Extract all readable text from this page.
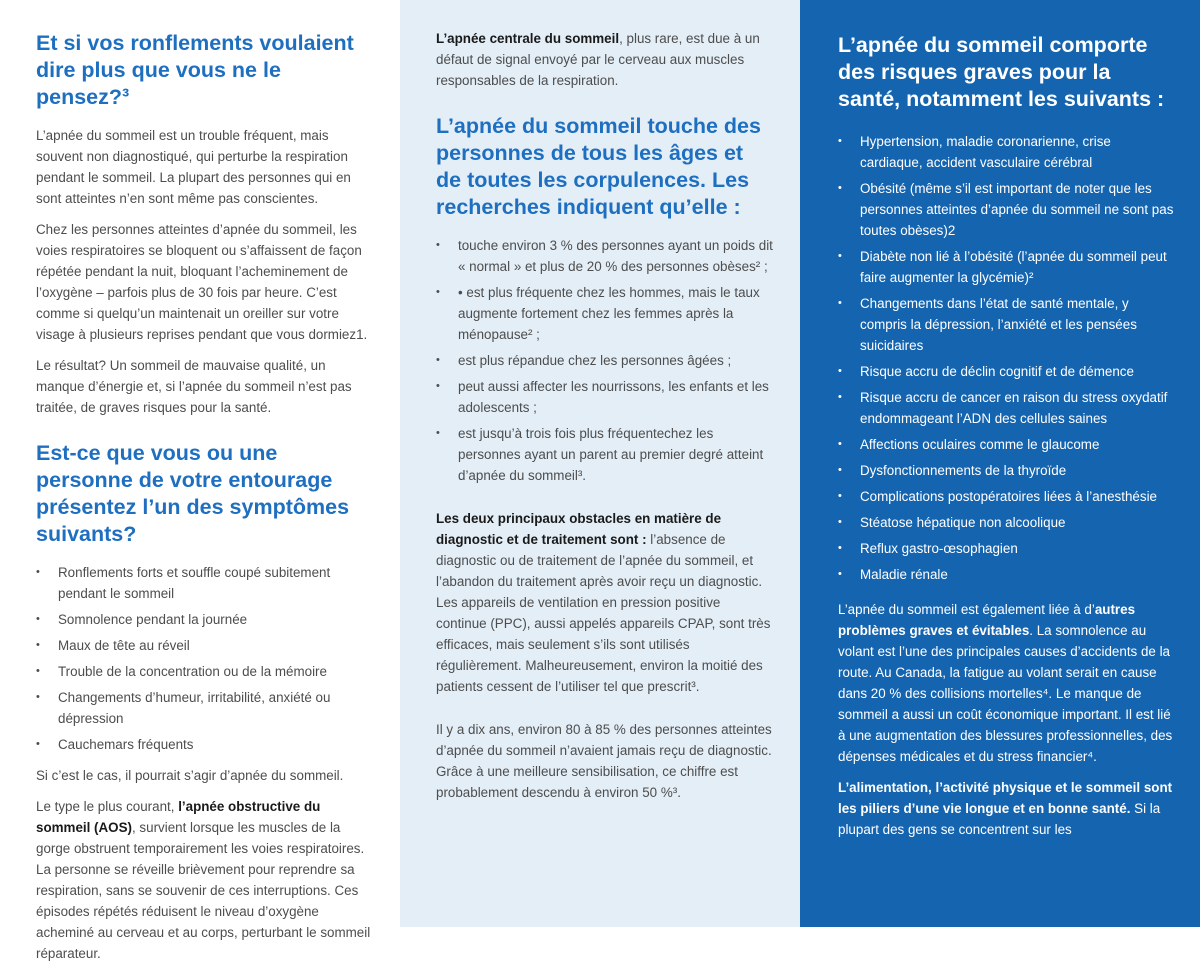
Et si vos ronflements voulaient dire plus que vous ne le pensez?³

L’apnée du sommeil est un trouble fréquent, mais souvent non diagnostiqué, qui perturbe la respiration pendant le sommeil. La plupart des personnes qui en sont atteintes n’en sont même pas conscientes.

Chez les personnes atteintes d’apnée du sommeil, les voies respiratoires se bloquent ou s’affaissent de façon répétée pendant la nuit, bloquant l’acheminement de l’oxygène – parfois plus de 30 fois par heure. C’est comme si quelqu’un maintenait un oreiller sur votre visage à plusieurs reprises pendant que vous dormiez1.

Le résultat? Un sommeil de mauvaise qualité, un manque d’énergie et, si l’apnée du sommeil n’est pas traitée, de graves risques pour la santé.

Est-ce que vous ou une personne de votre entourage présentez l’un des symptômes suivants?
• Ronflements forts et souffle coupé subitement pendant le sommeil
• Somnolence pendant la journée
• Maux de tête au réveil
• Trouble de la concentration ou de la mémoire
• Changements d’humeur, irritabilité, anxiété ou dépression
• Cauchemars fréquents

Si c’est le cas, il pourrait s’agir d’apnée du sommeil.

Le type le plus courant, l’apnée obstructive du sommeil (AOS), survient lorsque les muscles de la gorge obstruent temporairement les voies respiratoires. La personne se réveille brièvement pour reprendre sa respiration, sans se souvenir de ces interruptions. Ces épisodes répétés réduisent le niveau d’oxygène acheminé au cerveau et au corps, perturbant le sommeil réparateur.

L’apnée centrale du sommeil, plus rare, est due à un défaut de signal envoyé par le cerveau aux muscles responsables de la respiration.

L’apnée du sommeil touche des personnes de tous les âges et de toutes les corpulences. Les recherches indiquent qu’elle :
• touche environ 3 % des personnes ayant un poids dit « normal » et plus de 20 % des personnes obèses² ;
• • est plus fréquente chez les hommes, mais le taux augmente fortement chez les femmes après la ménopause² ;
• est plus répandue chez les personnes âgées ;
• peut aussi affecter les nourrissons, les enfants et les adolescents ;
• est jusqu’à trois fois plus fréquentechez les personnes ayant un parent au premier degré atteint d’apnée du sommeil³.

Les deux principaux obstacles en matière de diagnostic et de traitement sont : l’absence de diagnostic ou de traitement de l’apnée du sommeil, et l’abandon du traitement après avoir reçu un diagnostic. Les appareils de ventilation en pression positive continue (PPC), aussi appelés appareils CPAP, sont très efficaces, mais seulement s’ils sont utilisés régulièrement. Malheureusement, environ la moitié des patients cessent de l’utiliser tel que prescrit³.

Il y a dix ans, environ 80 à 85 % des personnes atteintes d’apnée du sommeil n’avaient jamais reçu de diagnostic. Grâce à une meilleure sensibilisation, ce chiffre est probablement descendu à environ 50 %³.

L’apnée du sommeil comporte des risques graves pour la santé, notamment les suivants :
• Hypertension, maladie coronarienne, crise cardiaque, accident vasculaire cérébral
• Obésité (même s’il est important de noter que les personnes atteintes d’apnée du sommeil ne sont pas toutes obèses)2
• Diabète non lié à l’obésité (l’apnée du sommeil peut faire augmenter la glycémie)²
• Changements dans l’état de santé mentale, y compris la dépression, l’anxiété et les pensées suicidaires
• Risque accru de déclin cognitif et de démence
• Risque accru de cancer en raison du stress oxydatif endommageant l’ADN des cellules saines
• Affections oculaires comme le glaucome
• Dysfonctionnements de la thyroïde
• Complications postopératoires liées à l’anesthésie
• Stéatose hépatique non alcoolique
• Reflux gastro-œsophagien
• Maladie rénale

L’apnée du sommeil est également liée à d’autres problèmes graves et évitables. La somnolence au volant est l’une des principales causes d’accidents de la route. Au Canada, la fatigue au volant serait en cause dans 20 % des collisions mortelles⁴. Le manque de sommeil a aussi un coût économique important. Il est lié à une augmentation des blessures professionnelles, des dépenses médicales et du stress financier⁴.

L’alimentation, l’activité physique et le sommeil sont les piliers d’une vie longue et en bonne santé. Si la plupart des gens se concentrent sur les
